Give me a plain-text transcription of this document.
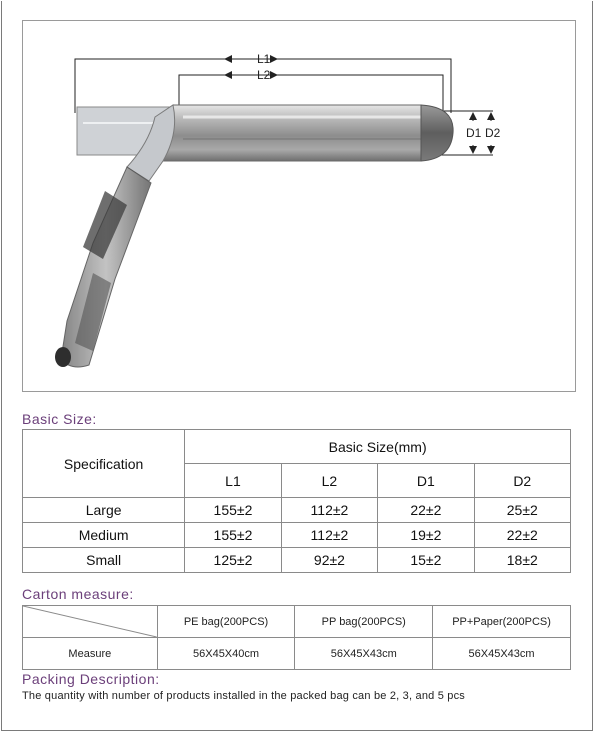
L1
L2
D1 D2
Basic Size:
Specification	Basic Size(mm)			
	L1	L2	D1	D2
Large	155±2	112±2	22±2	25±2
Medium	155±2	112±2	19±2	22±2
Small	125±2	92±2	15±2	18±2
Carton measure:
	PE bag(200PCS)	PP bag(200PCS)	PP+Paper(200PCS)
Measure	56X45X40cm	56X45X43cm	56X45X43cm
Packing Description:
The quantity with number of products installed in the packed bag can be 2, 3, and 5 pcs
